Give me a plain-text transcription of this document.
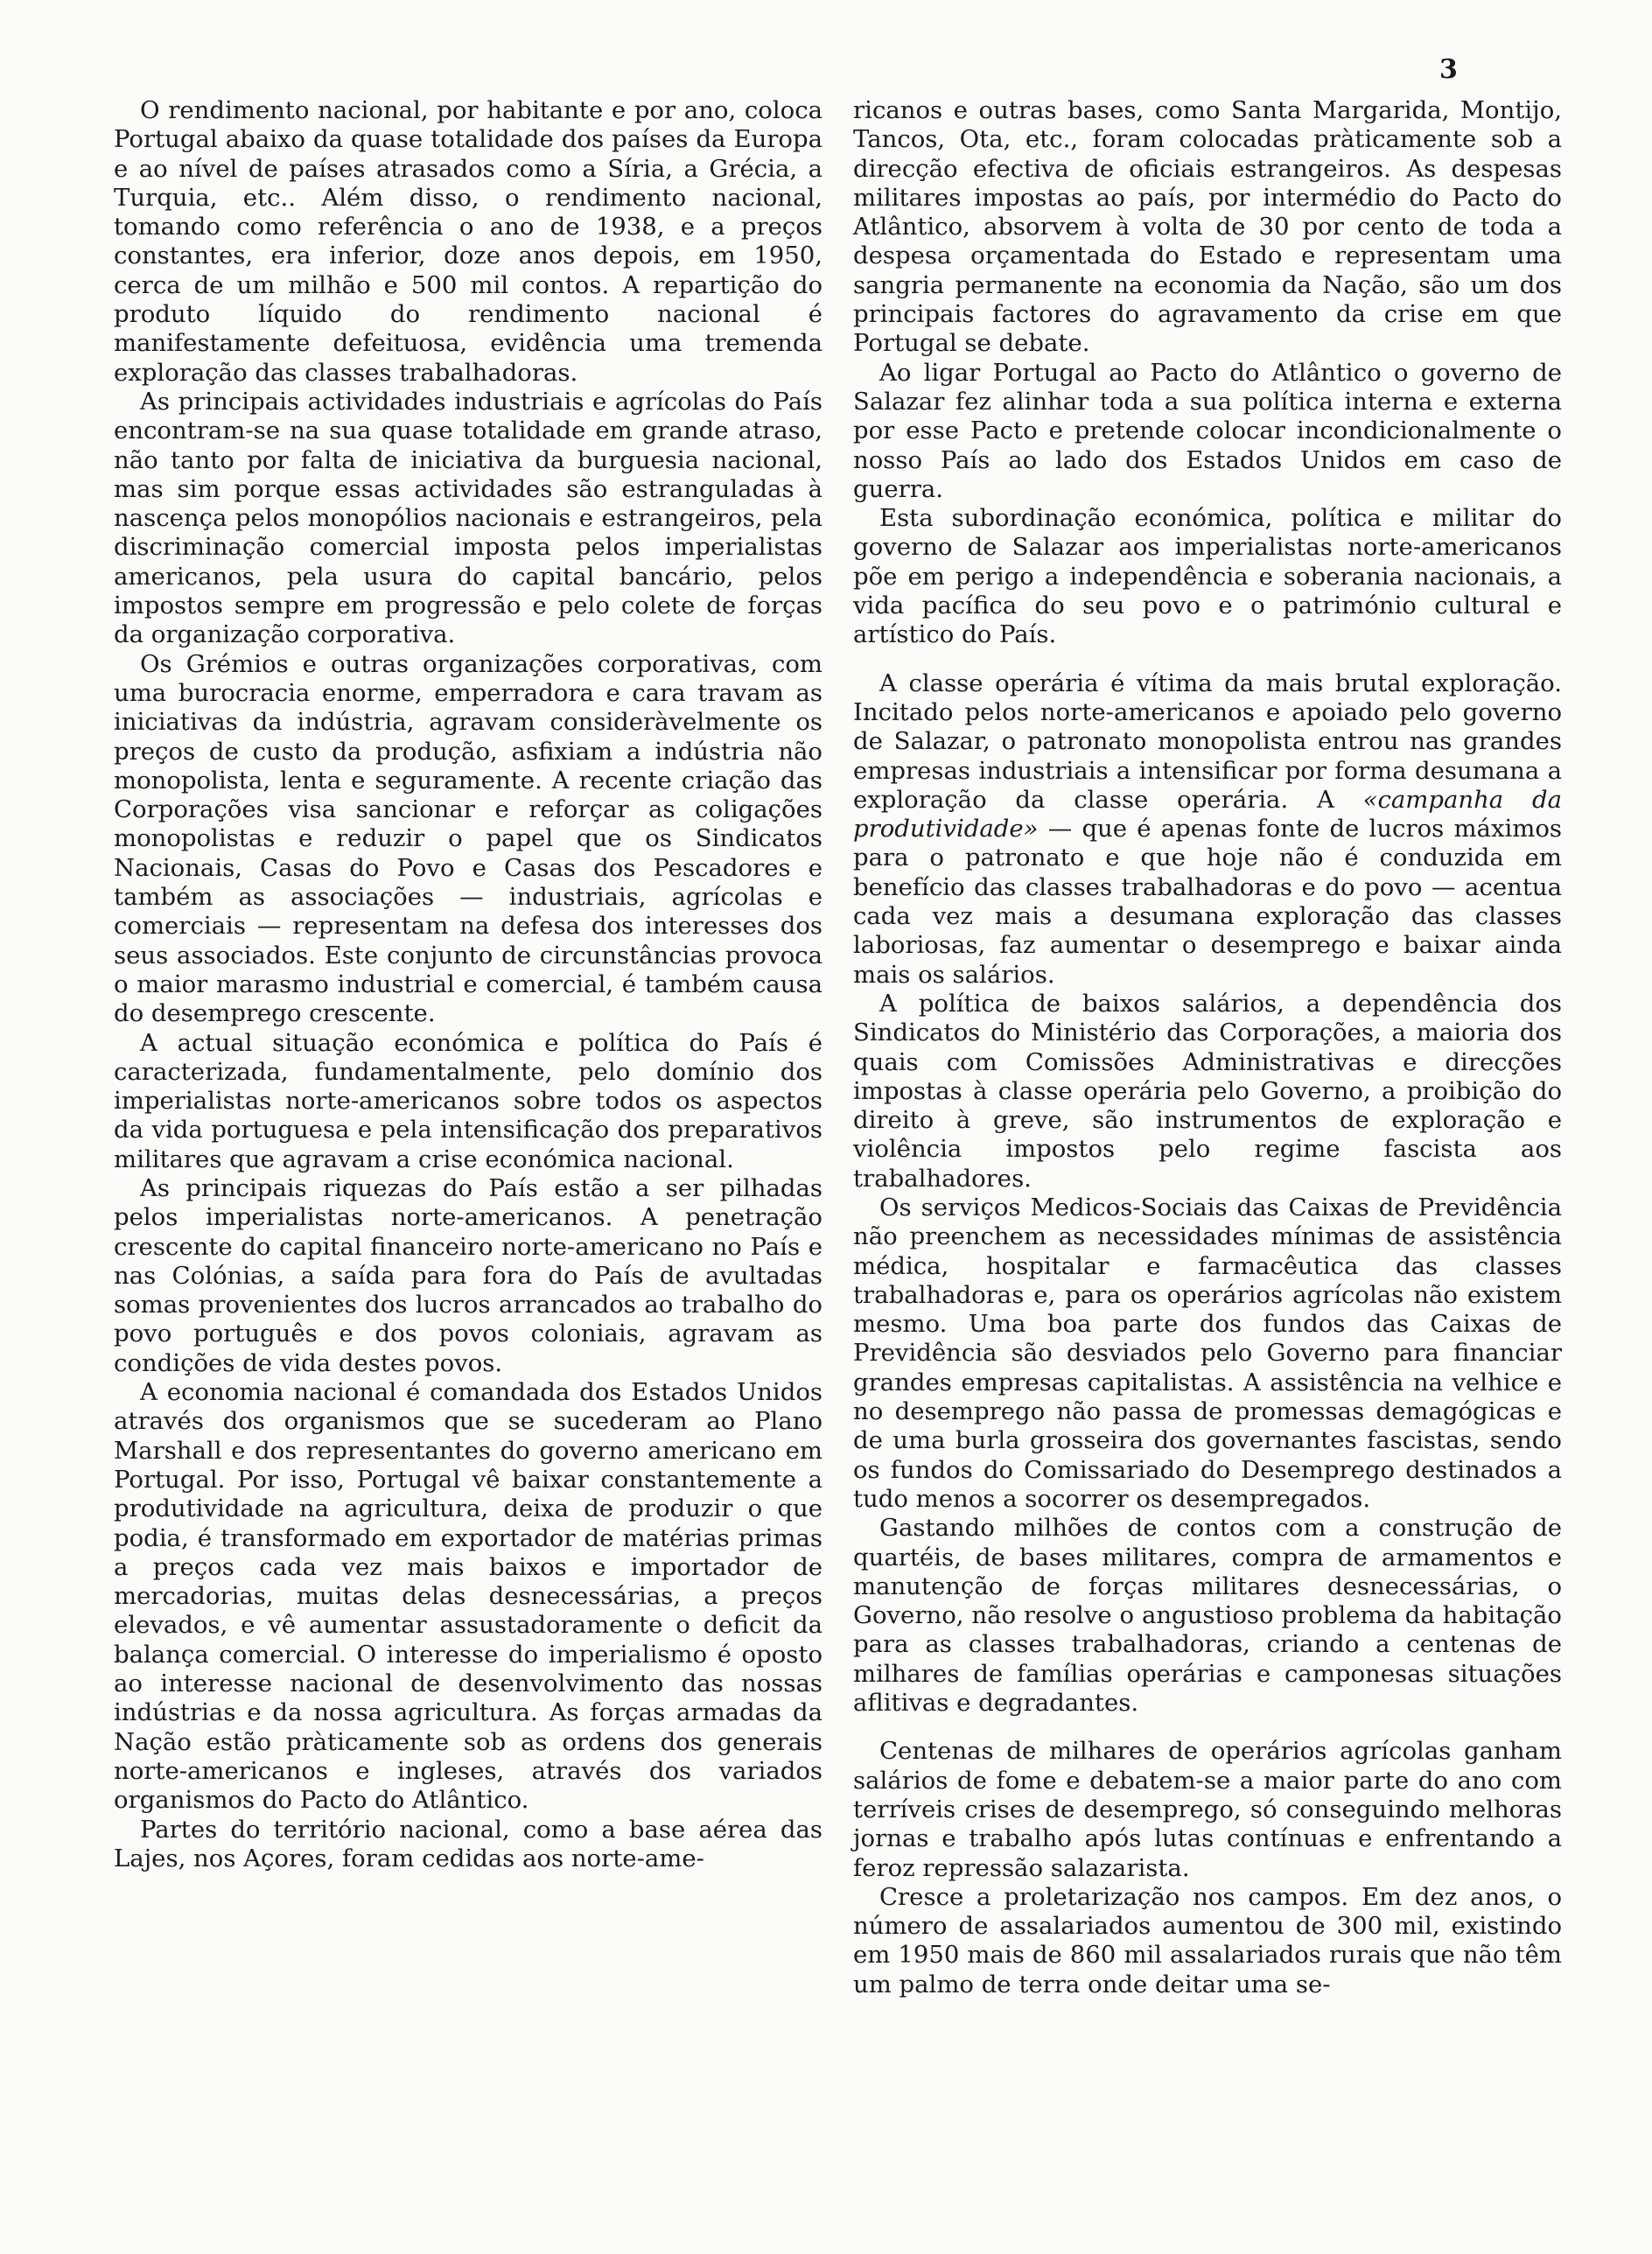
3

O rendimento nacional, por habitante e por ano, coloca Portugal abaixo da quase totalidade dos países da Europa e ao nível de países atrasados como a Síria, a Grécia, a Turquia, etc.. Além disso, o rendimento nacional, tomando como referência o ano de 1938, e a preços constantes, era inferior, doze anos depois, em 1950, cerca de um milhão e 500 mil contos. A repartição do produto líquido do rendimento nacional é manifestamente defeituosa, evidência uma tremenda exploração das classes trabalhadoras.

As principais actividades industriais e agrícolas do País encontram-se na sua quase totalidade em grande atraso, não tanto por falta de iniciativa da burguesia nacional, mas sim porque essas actividades são estranguladas à nascença pelos monopólios nacionais e estrangeiros, pela discriminação comercial imposta pelos imperialistas americanos, pela usura do capital bancário, pelos impostos sempre em progressão e pelo colete de forças da organização corporativa.

Os Grémios e outras organizações corporativas, com uma burocracia enorme, emperradora e cara travam as iniciativas da indústria, agravam consideràvelmente os preços de custo da produção, asfixiam a indústria não monopolista, lenta e seguramente. A recente criação das Corporações visa sancionar e reforçar as coligações monopolistas e reduzir o papel que os Sindicatos Nacionais, Casas do Povo e Casas dos Pescadores e também as associações — industriais, agrícolas e comerciais — representam na defesa dos interesses dos seus associados. Este conjunto de circunstâncias provoca o maior marasmo industrial e comercial, é também causa do desemprego crescente.

A actual situação económica e política do País é caracterizada, fundamentalmente, pelo domínio dos imperialistas norte-americanos sobre todos os aspectos da vida portuguesa e pela intensificação dos preparativos militares que agravam a crise económica nacional.

As principais riquezas do País estão a ser pilhadas pelos imperialistas norte-americanos. A penetração crescente do capital financeiro norte-americano no País e nas Colónias, a saída para fora do País de avultadas somas provenientes dos lucros arrancados ao trabalho do povo português e dos povos coloniais, agravam as condições de vida destes povos.

A economia nacional é comandada dos Estados Unidos através dos organismos que se sucederam ao Plano Marshall e dos representantes do governo americano em Portugal. Por isso, Portugal vê baixar constantemente a produtividade na agricultura, deixa de produzir o que podia, é transformado em exportador de matérias primas a preços cada vez mais baixos e importador de mercadorias, muitas delas desnecessárias, a preços elevados, e vê aumentar assustadoramente o deficit da balança comercial. O interesse do imperialismo é oposto ao interesse nacional de desenvolvimento das nossas indústrias e da nossa agricultura. As forças armadas da Nação estão pràticamente sob as ordens dos generais norte-americanos e ingleses, através dos variados organismos do Pacto do Atlântico.

Partes do território nacional, como a base aérea das Lajes, nos Açores, foram cedidas aos norte-ame-

ricanos e outras bases, como Santa Margarida, Montijo, Tancos, Ota, etc., foram colocadas pràticamente sob a direcção efectiva de oficiais estrangeiros. As despesas militares impostas ao país, por intermédio do Pacto do Atlântico, absorvem à volta de 30 por cento de toda a despesa orçamentada do Estado e representam uma sangria permanente na economia da Nação, são um dos principais factores do agravamento da crise em que Portugal se debate.

Ao ligar Portugal ao Pacto do Atlântico o governo de Salazar fez alinhar toda a sua política interna e externa por esse Pacto e pretende colocar incondicionalmente o nosso País ao lado dos Estados Unidos em caso de guerra.

Esta subordinação económica, política e militar do governo de Salazar aos imperialistas norte-americanos põe em perigo a independência e soberania nacionais, a vida pacífica do seu povo e o património cultural e artístico do País.

A classe operária é vítima da mais brutal exploração. Incitado pelos norte-americanos e apoiado pelo governo de Salazar, o patronato monopolista entrou nas grandes empresas industriais a intensificar por forma desumana a exploração da classe operária. A «campanha da produtividade» — que é apenas fonte de lucros máximos para o patronato e que hoje não é conduzida em benefício das classes trabalhadoras e do povo — acentua cada vez mais a desumana exploração das classes laboriosas, faz aumentar o desemprego e baixar ainda mais os salários.

A política de baixos salários, a dependência dos Sindicatos do Ministério das Corporações, a maioria dos quais com Comissões Administrativas e direcções impostas à classe operária pelo Governo, a proibição do direito à greve, são instrumentos de exploração e violência impostos pelo regime fascista aos trabalhadores.

Os serviços Medicos-Sociais das Caixas de Previdência não preenchem as necessidades mínimas de assistência médica, hospitalar e farmacêutica das classes trabalhadoras e, para os operários agrícolas não existem mesmo. Uma boa parte dos fundos das Caixas de Previdência são desviados pelo Governo para financiar grandes empresas capitalistas. A assistência na velhice e no desemprego não passa de promessas demagógicas e de uma burla grosseira dos governantes fascistas, sendo os fundos do Comissariado do Desemprego destinados a tudo menos a socorrer os desempregados.

Gastando milhões de contos com a construção de quartéis, de bases militares, compra de armamentos e manutenção de forças militares desnecessárias, o Governo, não resolve o angustioso problema da habitação para as classes trabalhadoras, criando a centenas de milhares de famílias operárias e camponesas situações aflitivas e degradantes.

Centenas de milhares de operários agrícolas ganham salários de fome e debatem-se a maior parte do ano com terríveis crises de desemprego, só conseguindo melhoras jornas e trabalho após lutas contínuas e enfrentando a feroz repressão salazarista.

Cresce a proletarização nos campos. Em dez anos, o número de assalariados aumentou de 300 mil, existindo em 1950 mais de 860 mil assalariados rurais que não têm um palmo de terra onde deitar uma se-
